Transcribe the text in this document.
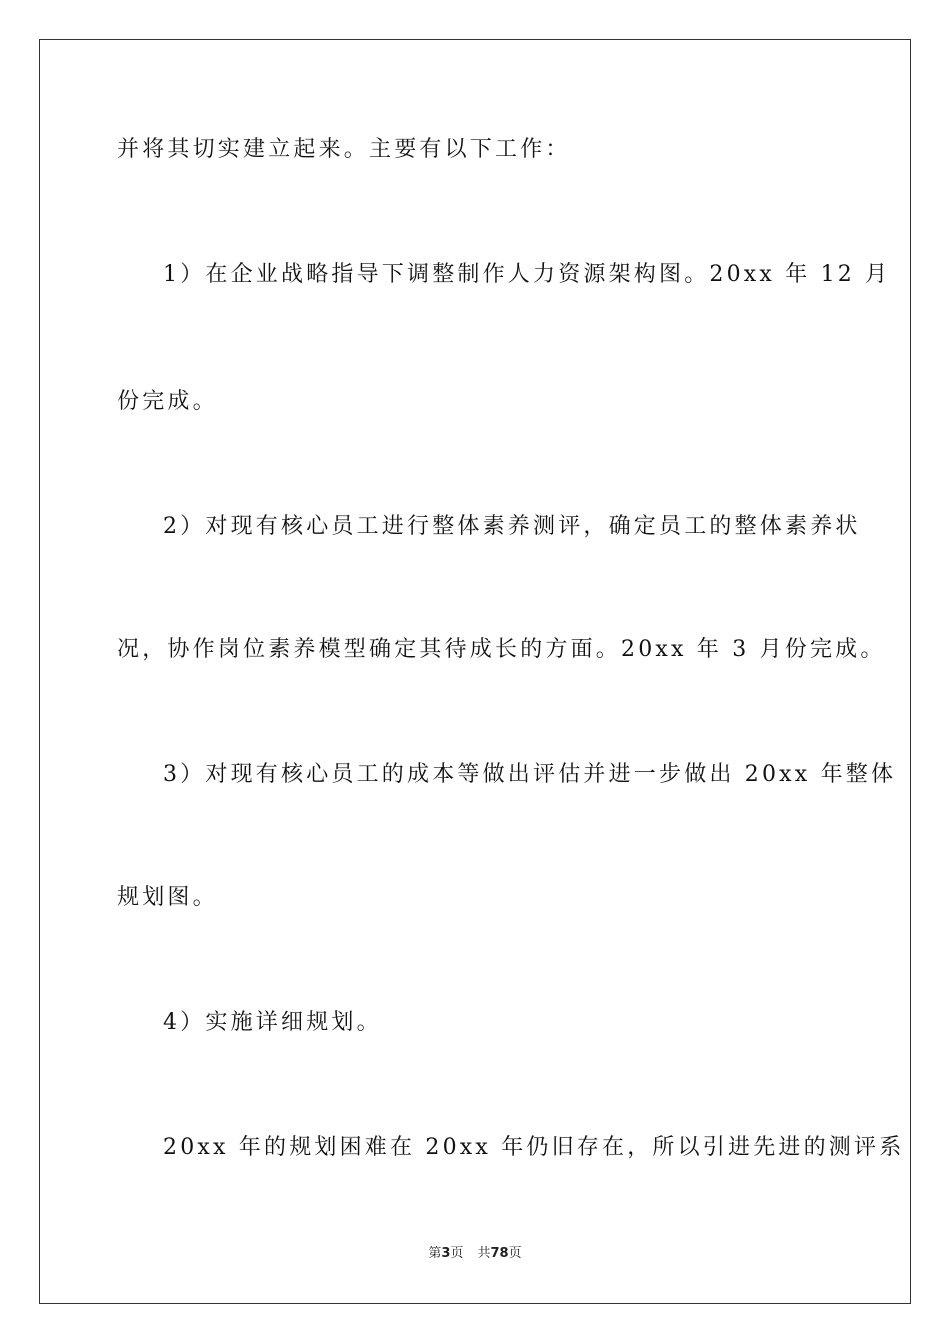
并将其切实建立起来。主要有以下工作：
1）在企业战略指导下调整制作人力资源架构图。20xx 年 12 月
份完成。
2）对现有核心员工进行整体素养测评，确定员工的整体素养状
况，协作岗位素养模型确定其待成长的方面。20xx 年 3 月份完成。
3）对现有核心员工的成本等做出评估并进一步做出 20xx 年整体
规划图。
4）实施详细规划。
20xx 年的规划困难在 20xx 年仍旧存在，所以引进先进的测评系
第3页 共78页
